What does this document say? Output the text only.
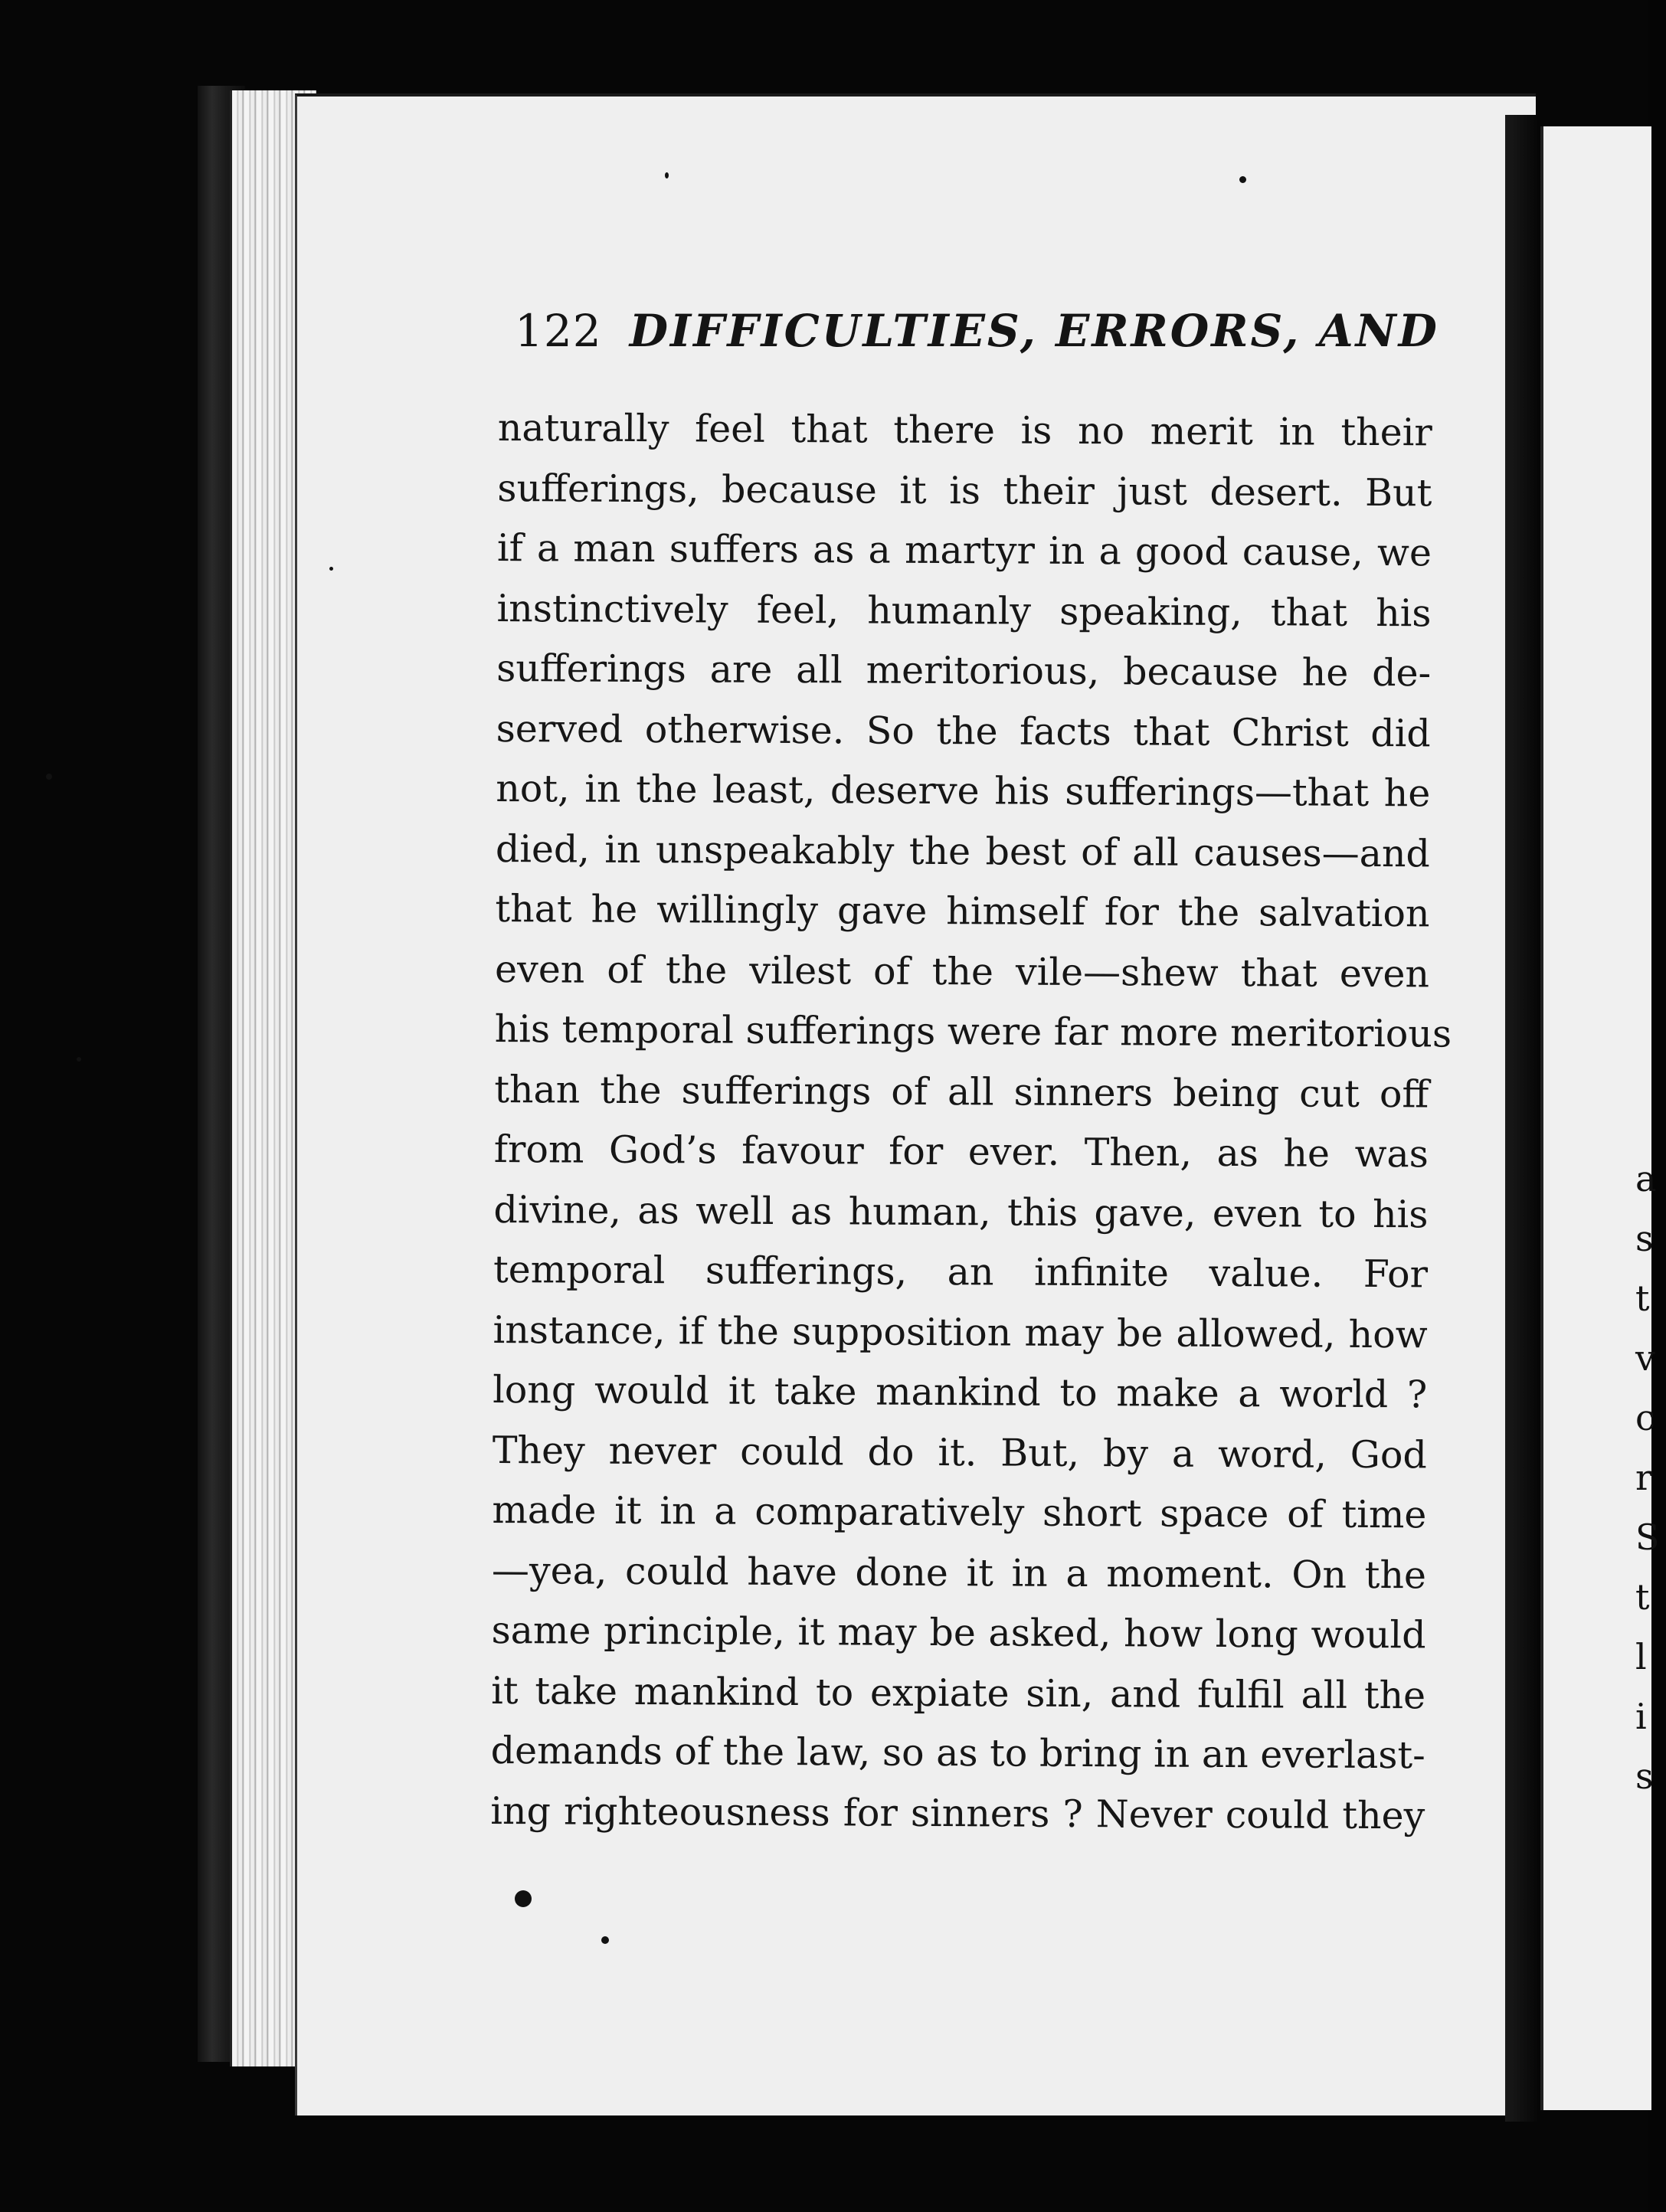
a
s
t
v
c
r
S
t
l
i
s
122 DIFFICULTIES, ERRORS, AND
naturally feel that there is no merit in their
sufferings, because it is their just desert. But
if a man suffers as a martyr in a good cause, we
instinctively feel, humanly speaking, that his
sufferings are all meritorious, because he de-
served otherwise. So the facts that Christ did
not, in the least, deserve his sufferings—that he
died, in unspeakably the best of all causes—and
that he willingly gave himself for the salvation
even of the vilest of the vile—shew that even
his temporal sufferings were far more meritorious
than the sufferings of all sinners being cut off
from God’s favour for ever. Then, as he was
divine, as well as human, this gave, even to his
temporal sufferings, an infinite value. For
instance, if the supposition may be allowed, how
long would it take mankind to make a world ?
They never could do it. But, by a word, God
made it in a comparatively short space of time
—yea, could have done it in a moment. On the
same principle, it may be asked, how long would
it take mankind to expiate sin, and fulfil all the
demands of the law, so as to bring in an everlast-
ing righteousness for sinners ? Never could they
